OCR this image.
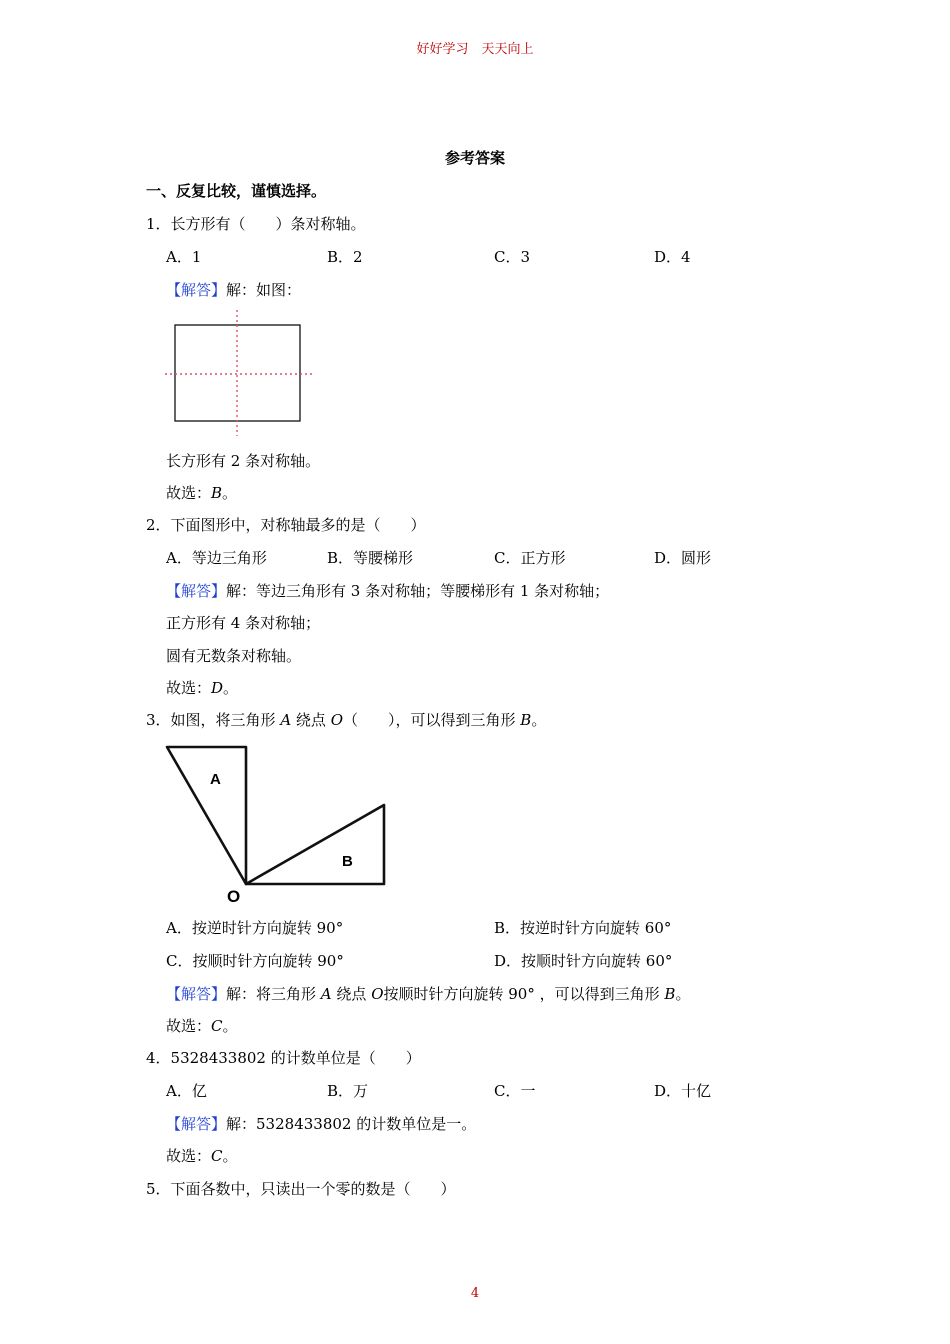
好好学习　天天向上
参考答案
一、反复比较，谨慎选择。
1．长方形有（　　）条对称轴。
A．1	B．2	C．3	D．4
【解答】解：如图：
长方形有 2 条对称轴。
故选：B。
2．下面图形中，对称轴最多的是（　　）
A．等边三角形	B．等腰梯形	C．正方形	D．圆形
【解答】解：等边三角形有 3 条对称轴；等腰梯形有 1 条对称轴；
正方形有 4 条对称轴；
圆有无数条对称轴。
故选：D。
3．如图，将三角形 A 绕点 O（　　），可以得到三角形 B。
A
B
O
A．按逆时针方向旋转 90°	B．按逆时针方向旋转 60°
C．按顺时针方向旋转 90°	D．按顺时针方向旋转 60°
【解答】解：将三角形 A 绕点 O按顺时针方向旋转 90° ，可以得到三角形 B。
故选：C。
4．5328433802 的计数单位是（　　）
A．亿	B．万	C．一	D．十亿
【解答】解：5328433802 的计数单位是一。
故选：C。
5．下面各数中，只读出一个零的数是（　　）
4
